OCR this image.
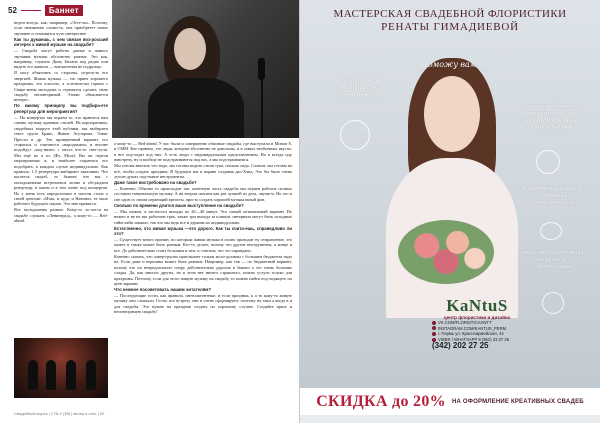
52	Баннет

ведем всегда, как, например, «Эсте-ли». Поэтому, если неизменно сложи-ть, она приобретет новое звучание и становится чуть интереснее.

Как ты думаешь, с чем связан воз-росший интерес к живой музыке на свадьбе?

— Свадьба могут работы джема и живого звучания музыки абсолютно разные. Это как, например, слушать Диму Билана под радио или видеть его живьем — впечатления не подружку.

Я могу объяснить со стороны, за-реза-ть его энергией. Живая музыка — это принт хорошего праздника, это классно, а эстетически горячи с Свире-мены молодежь и стремятся сделать свою свадьбу неповторимой. Этими объясняется интерес.

По какому принципу вы подбира-ете репертуар для мероприятия?

— На концертах мы играем то, что нравится нам самим, музыку кравных стилей. На корпоративах, свадебных вокруге этой публики, мы выбираем текст групп Браво, Жанна Агузарова, Элвис Пресли и др. Это проверенный вариант, его стараться и считаются «народными» и вполне подойдут «под-ниме» с места что-то свет-лучи. Мы ещё их в по (Фэ, Муза). Вы же отрели мероприятиях в, и наиболее стараемся его подобрать, в каждом случае индивидуально. Как правило, 1,5 репертуара выбирают заказчики. Что касается свадеб, то бывает, что мы с молодоженами встречаемся лично и обсуждаем репертуар, в каком и в том плане под концертов. Но у меня есть определенное в чистом стиле о своей цепочке. «Итак, и куда, и Начинал, ее мало работает будущего играть. Это мне нравится.

Все молодожены разные. Кому-то хо-чется на свадьбе слушать «Ленинград», а кому-то — Red-ahead.

а кому-то — Red-ahead. У нас были и совершенно обычные свадьбы, где выступали и Mimon S, и CMM. Кое правило, это люди, которые абсолютно не довольны, и в самых необычных вкусах, и все под-ходят под них. А есть люди с индивидуальным представлением. Но в всегда иду навстречу, ну и вообще не подстраиваются под нас, а мы подстраиваемся.

Мы готовы вносить что надо, мы готовы водить стили сука, сколько надо. Словом, мы готовы на всё, чтобы создать праздник. В будущем мы и вправе создавая дао-Ханд. Это бы было очень лучше душах под-новые инструменты.

Даже такое востребовано на свадьбе?

— Конечно. Обычно то происходит так: конечную часть свадьбы мы играем рабочие полные составом танцевальную музыку. А на втором пытаем как раз лучшей из дела, лаунж-м. Но это и сне один со своим играющий артисты, просто создать хорошей музыкальный фон.

Сколько по времени длится ваше выступление на свадьбе?

— Мы можем, в частности выходы по 20—40 минут. Это самый оптимальный вариант. Но нежно и не не мы работаем трек, также три выхода за клипом, интервала могут быть исходные тайм-лайн зазыказ, так что мы ведь все и держим их индивидуально.

Естественно, что живая музыка —это дорого. Как ты счита-ешь, справедливо ли это?

— Существует много причин, по которым живая музыка в полно проводит ну отправление, это может и также может быть разным. Кто-то делает, потому что другие инструменты, в конце и все. До действительно стоит большим и чем, и считаем, что это оправдано.

Конечно сказать, что хавер-группа приглашает тольки моло-должны с большим бюджетом надо на. Если даже и вершины может быть разным. Например, как так — по бюджетный вариант, потому что он непредполагает опору действительно дорогих и бывает а это очень большие сладка. Да, как многих других, но в этом нет ничего страшного, можно услуги только для праздника. Поэтому, если для этого живую музыку на свадьбу, то можно найти под-ходящего по цене вариант.

Что нежное посоветовать нашим читателям?

— Последующие гости, как правило, интеллигентные, и если праздник, к а то кому-то живую музыку они слышали. Гости, кто встречу они и очень сформируют, поэтому на таки а когда в и для свадьбы. Это нужно на праздник создать по хорошему случаю. Создайте яркое и неповторимую свадьбу!

Свадебный вырез | 2 № 2 (38) | вечер и сеть | 52
МАСТЕРСКАЯ СВАДЕБНОЙ ФЛОРИСТИКИ
РЕНАТЫ ГИМАДИЕВОЙ
Поможу вам:
создать вам неповторимый букет невесты
в разработке концепции Вашей свадьбы от эскиза до воплощения
в оформлении вашей свадебной регистрации
выбрать фотографа, ведущего и фотографа
KaNtuS
центр флористики и дизайна
VK.COM/FLORISTICHANTT
INSTAGRAM.COM/KANTUS_PERM
г. Пермь ул. Красноармейская, 44
VIBER / WHATSAPP 8 (952) 33 27 25
(342) 202 27 25
СКИДКА до 20% НА ОФОРМЛЕНИЕ КРЕАТИВНЫХ СВАДЕБ
